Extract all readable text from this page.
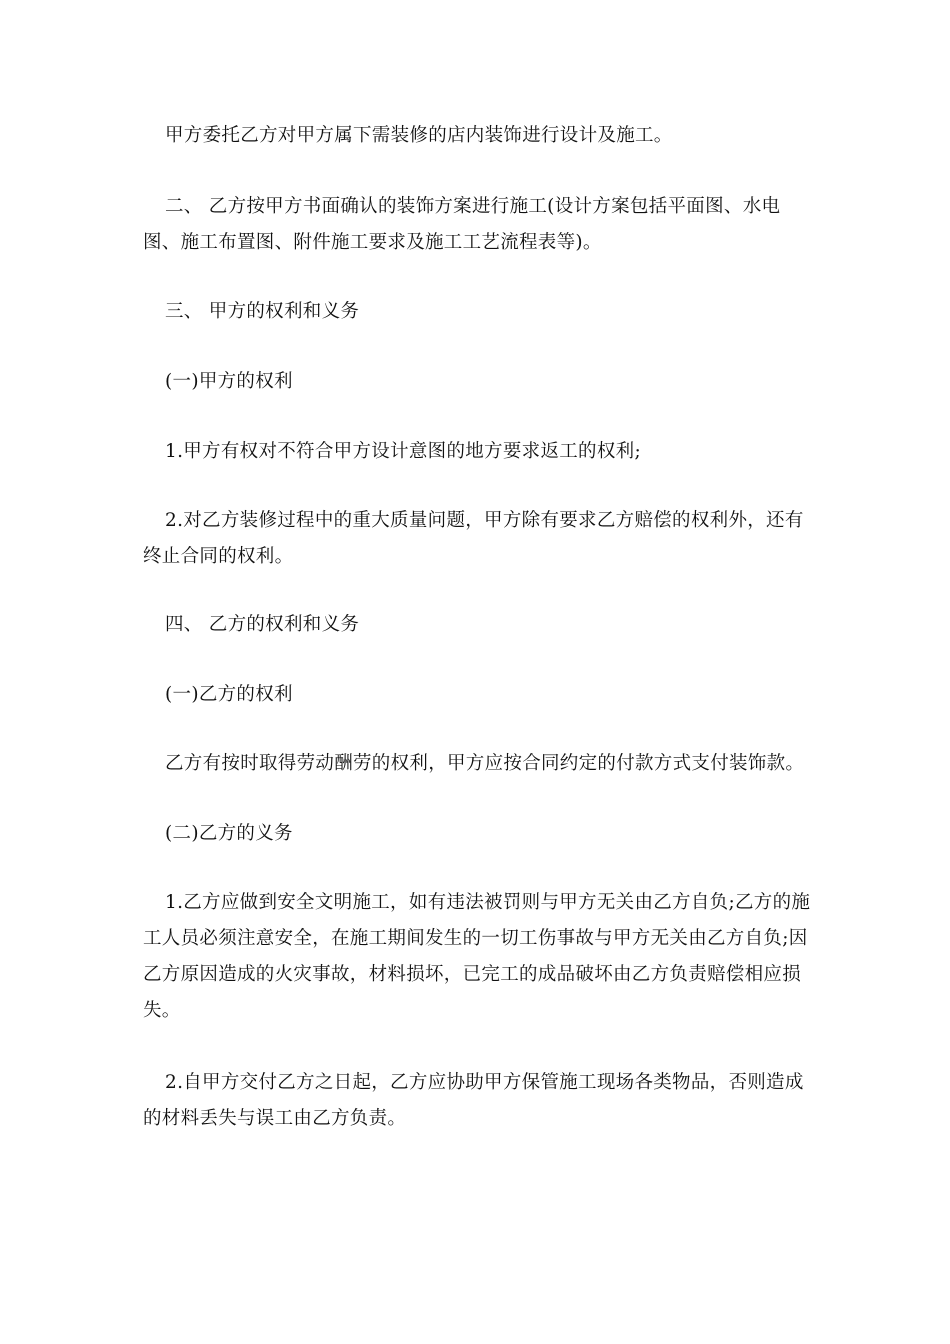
甲方委托乙方对甲方属下需装修的店内装饰进行设计及施工。

二、 乙方按甲方书面确认的装饰方案进行施工(设计方案包括平面图、水电图、施工布置图、附件施工要求及施工工艺流程表等)。

三、 甲方的权利和义务

(一)甲方的权利

1.甲方有权对不符合甲方设计意图的地方要求返工的权利;

2.对乙方装修过程中的重大质量问题，甲方除有要求乙方赔偿的权利外，还有终止合同的权利。

四、 乙方的权利和义务

(一)乙方的权利

乙方有按时取得劳动酬劳的权利，甲方应按合同约定的付款方式支付装饰款。

(二)乙方的义务

1.乙方应做到安全文明施工，如有违法被罚则与甲方无关由乙方自负;乙方的施工人员必须注意安全，在施工期间发生的一切工伤事故与甲方无关由乙方自负;因乙方原因造成的火灾事故，材料损坏，已完工的成品破坏由乙方负责赔偿相应损失。

2.自甲方交付乙方之日起，乙方应协助甲方保管施工现场各类物品，否则造成的材料丢失与误工由乙方负责。
